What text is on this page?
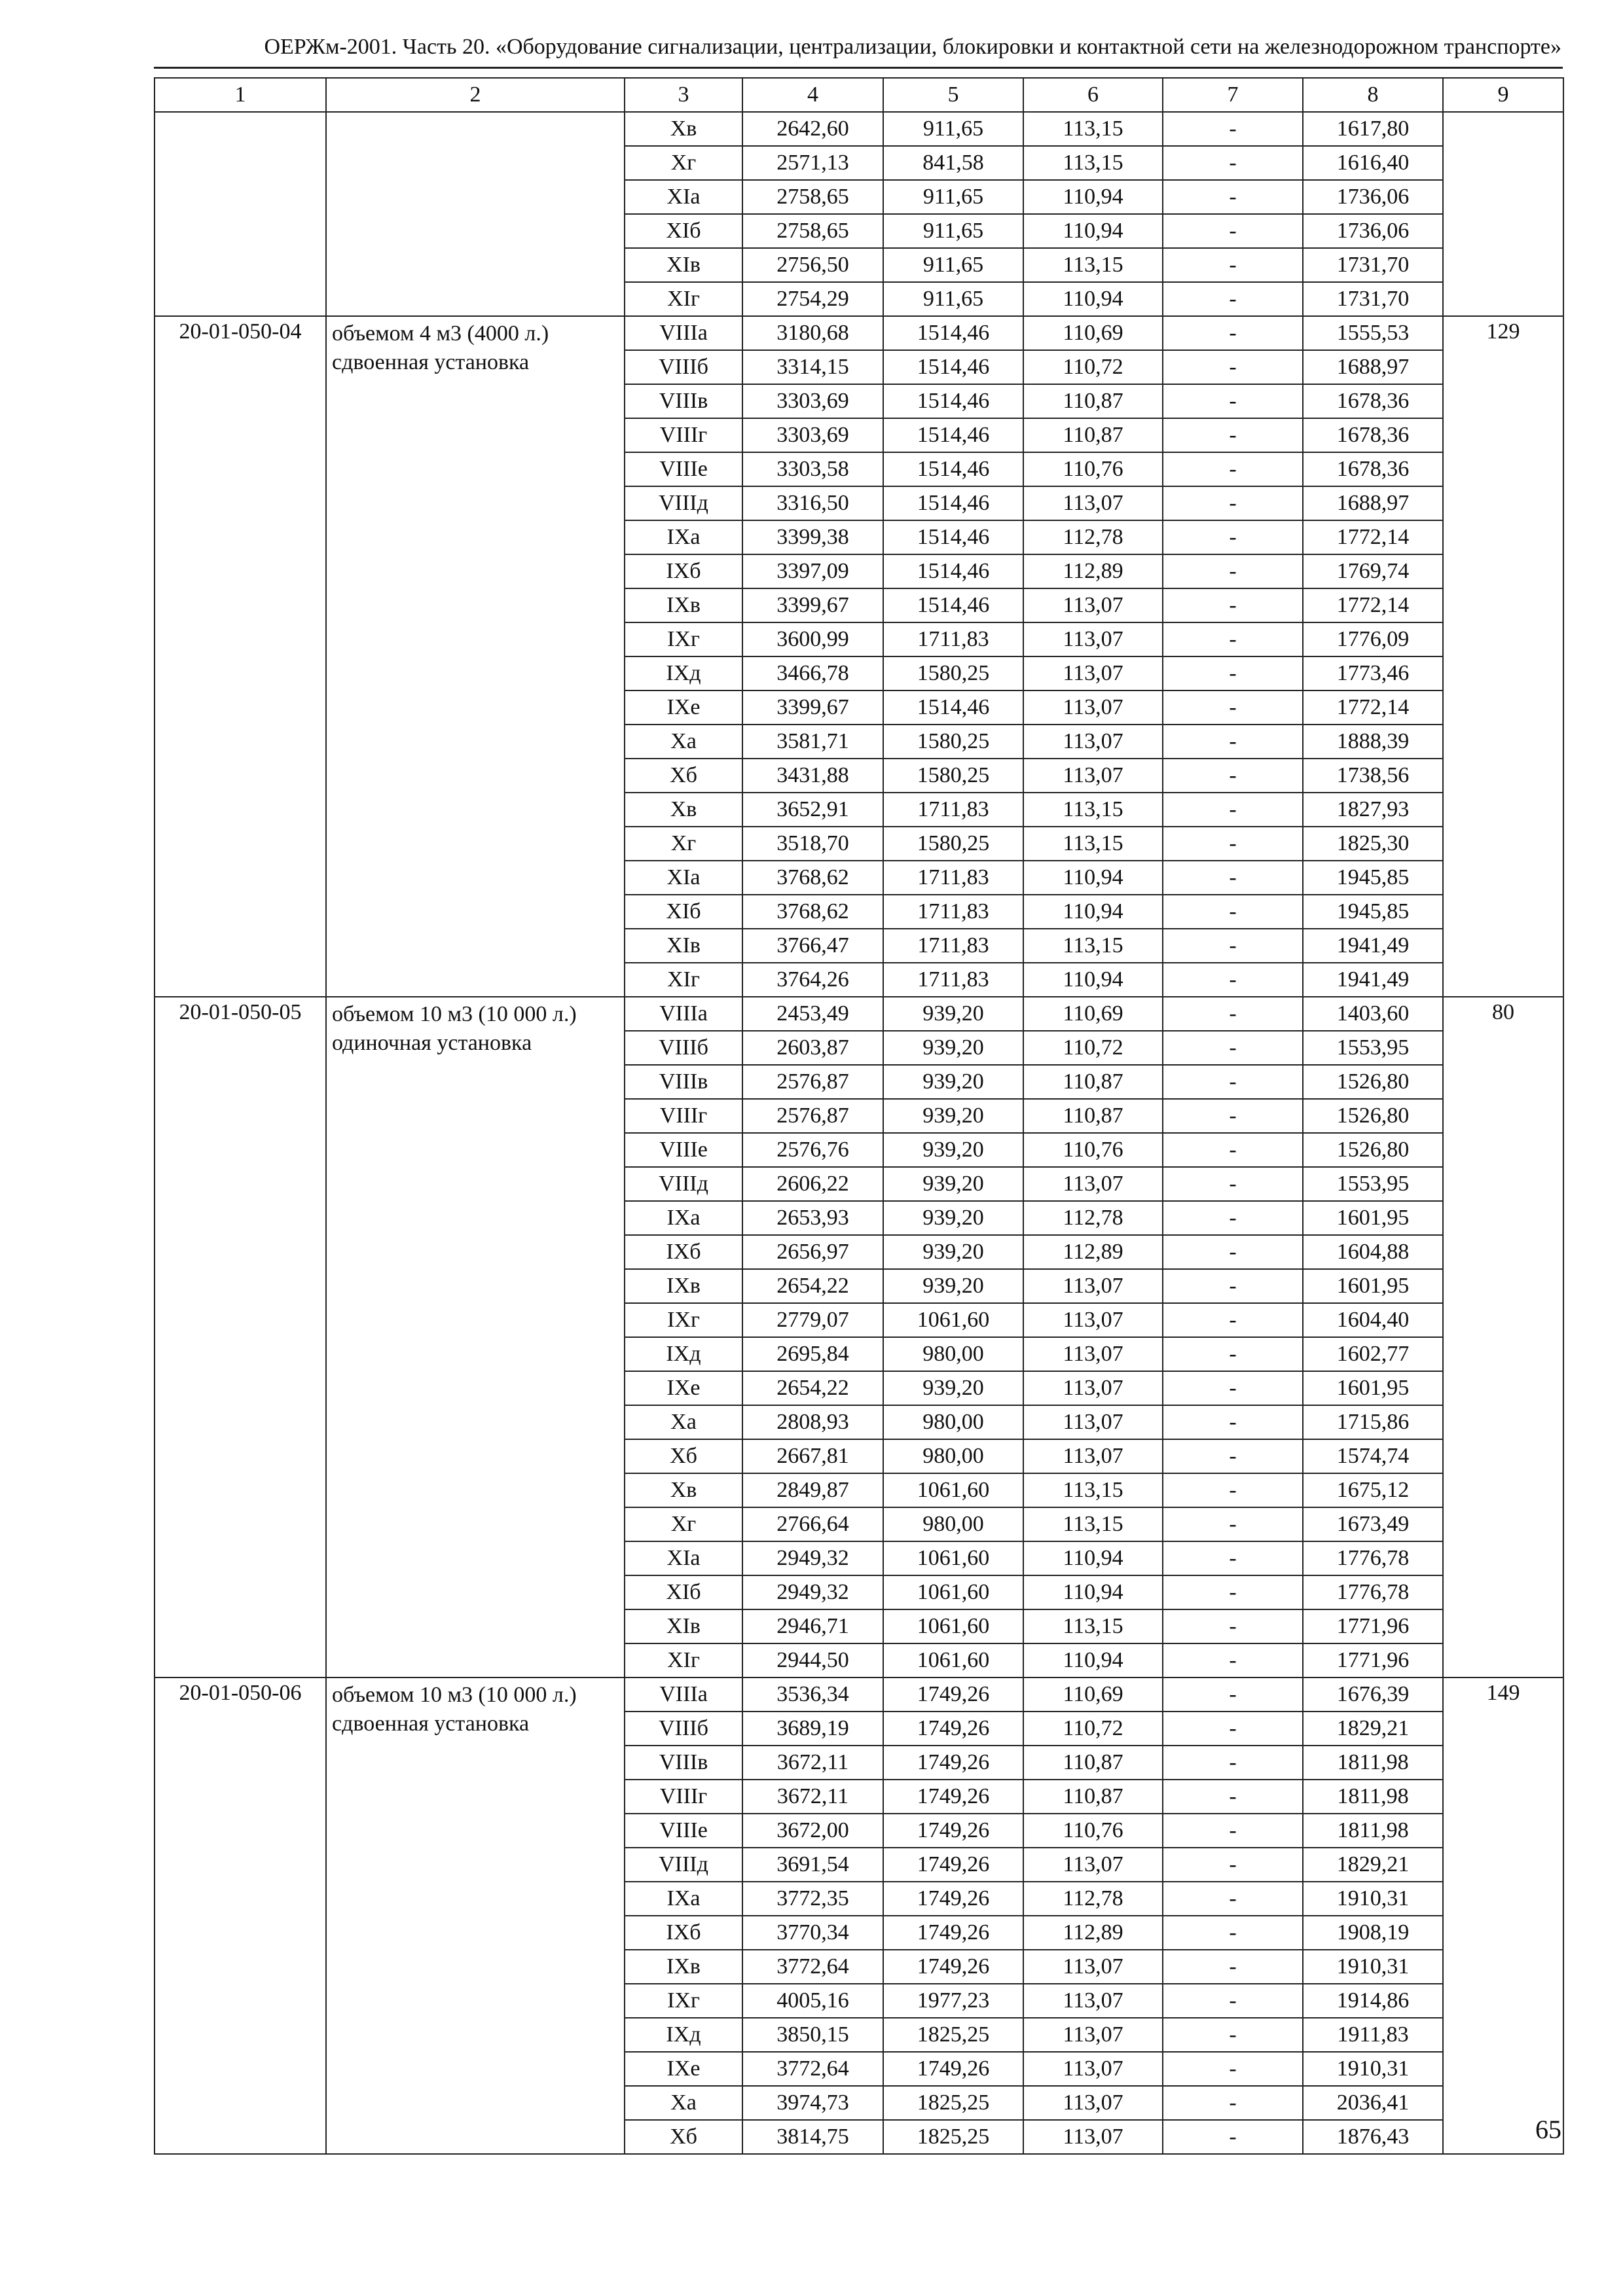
ОЕРЖм-2001. Часть 20. «Оборудование сигнализации, централизации, блокировки и контактной сети на железнодорожном транспорте»
1	2	3	4	5	6	7	8	9
		Хв	2642,60	911,65	113,15	-	1617,80	
		Хг	2571,13	841,58	113,15	-	1616,40	
		ХIа	2758,65	911,65	110,94	-	1736,06	
		ХIб	2758,65	911,65	110,94	-	1736,06	
		ХIв	2756,50	911,65	113,15	-	1731,70	
		ХIг	2754,29	911,65	110,94	-	1731,70	
20-01-050-04	объемом 4 м3 (4000 л.) сдвоенная установка	VIIIа	3180,68	1514,46	110,69	-	1555,53	129
		VIIIб	3314,15	1514,46	110,72	-	1688,97	
		VIIIв	3303,69	1514,46	110,87	-	1678,36	
		VIIIг	3303,69	1514,46	110,87	-	1678,36	
		VIIIе	3303,58	1514,46	110,76	-	1678,36	
		VIIIд	3316,50	1514,46	113,07	-	1688,97	
		IХа	3399,38	1514,46	112,78	-	1772,14	
		IХб	3397,09	1514,46	112,89	-	1769,74	
		IХв	3399,67	1514,46	113,07	-	1772,14	
		IХг	3600,99	1711,83	113,07	-	1776,09	
		IХд	3466,78	1580,25	113,07	-	1773,46	
		IХе	3399,67	1514,46	113,07	-	1772,14	
		Ха	3581,71	1580,25	113,07	-	1888,39	
		Хб	3431,88	1580,25	113,07	-	1738,56	
		Хв	3652,91	1711,83	113,15	-	1827,93	
		Хг	3518,70	1580,25	113,15	-	1825,30	
		ХIа	3768,62	1711,83	110,94	-	1945,85	
		ХIб	3768,62	1711,83	110,94	-	1945,85	
		ХIв	3766,47	1711,83	113,15	-	1941,49	
		ХIг	3764,26	1711,83	110,94	-	1941,49	
20-01-050-05	объемом 10 м3 (10 000 л.) одиночная установка	VIIIа	2453,49	939,20	110,69	-	1403,60	80
		VIIIб	2603,87	939,20	110,72	-	1553,95	
		VIIIв	2576,87	939,20	110,87	-	1526,80	
		VIIIг	2576,87	939,20	110,87	-	1526,80	
		VIIIе	2576,76	939,20	110,76	-	1526,80	
		VIIIд	2606,22	939,20	113,07	-	1553,95	
		IХа	2653,93	939,20	112,78	-	1601,95	
		IХб	2656,97	939,20	112,89	-	1604,88	
		IХв	2654,22	939,20	113,07	-	1601,95	
		IХг	2779,07	1061,60	113,07	-	1604,40	
		IХд	2695,84	980,00	113,07	-	1602,77	
		IХе	2654,22	939,20	113,07	-	1601,95	
		Ха	2808,93	980,00	113,07	-	1715,86	
		Хб	2667,81	980,00	113,07	-	1574,74	
		Хв	2849,87	1061,60	113,15	-	1675,12	
		Хг	2766,64	980,00	113,15	-	1673,49	
		ХIа	2949,32	1061,60	110,94	-	1776,78	
		ХIб	2949,32	1061,60	110,94	-	1776,78	
		ХIв	2946,71	1061,60	113,15	-	1771,96	
		ХIг	2944,50	1061,60	110,94	-	1771,96	
20-01-050-06	объемом 10 м3 (10 000 л.) сдвоенная установка	VIIIа	3536,34	1749,26	110,69	-	1676,39	149
		VIIIб	3689,19	1749,26	110,72	-	1829,21	
		VIIIв	3672,11	1749,26	110,87	-	1811,98	
		VIIIг	3672,11	1749,26	110,87	-	1811,98	
		VIIIе	3672,00	1749,26	110,76	-	1811,98	
		VIIIд	3691,54	1749,26	113,07	-	1829,21	
		IХа	3772,35	1749,26	112,78	-	1910,31	
		IХб	3770,34	1749,26	112,89	-	1908,19	
		IХв	3772,64	1749,26	113,07	-	1910,31	
		IХг	4005,16	1977,23	113,07	-	1914,86	
		IХд	3850,15	1825,25	113,07	-	1911,83	
		IХе	3772,64	1749,26	113,07	-	1910,31	
		Ха	3974,73	1825,25	113,07	-	2036,41	
		Хб	3814,75	1825,25	113,07	-	1876,43		65
